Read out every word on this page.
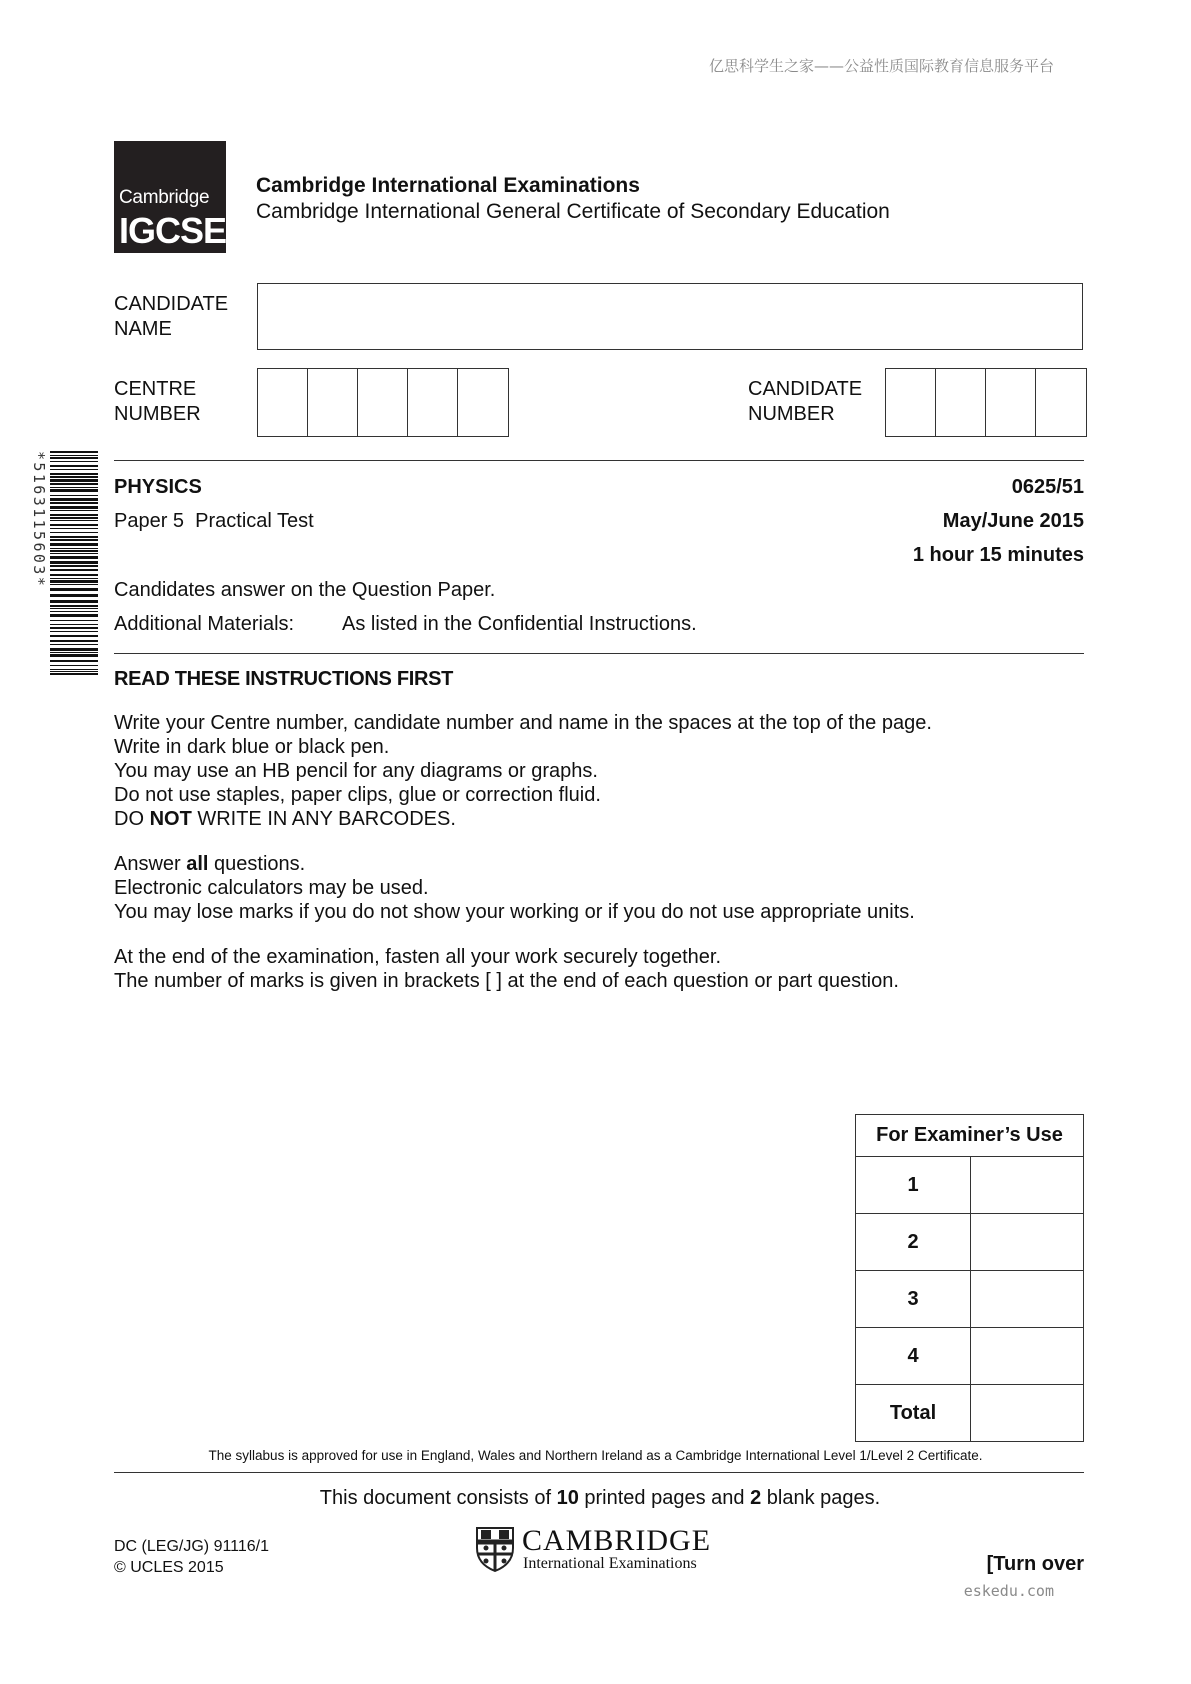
亿思科学生之家——公益性质国际教育信息服务平台
Cambridge
IGCSE
Cambridge International Examinations
Cambridge International General Certificate of Secondary Education
CANDIDATE
NAME
CENTRE
NUMBER
CANDIDATE
NUMBER
*5163115603*	PHYSICS	0625/51
Paper 5  Practical Test	May/June 2015
1 hour 15 minutes
Candidates answer on the Question Paper.
Additional Materials: As listed in the Confidential Instructions.
READ THESE INSTRUCTIONS FIRST
Write your Centre number, candidate number and name in the spaces at the top of the page.
Write in dark blue or black pen.
You may use an HB pencil for any diagrams or graphs.
Do not use staples, paper clips, glue or correction fluid.
DO NOT WRITE IN ANY BARCODES.
Answer all questions.
Electronic calculators may be used.
You may lose marks if you do not show your working or if you do not use appropriate units.
At the end of the examination, fasten all your work securely together.
The number of marks is given in brackets [ ] at the end of each question or part question.
For Examiner’s Use	
1	
2	
3	
4	
Total	
The syllabus is approved for use in England, Wales and Northern Ireland as a Cambridge International Level 1/Level 2 Certificate.
This document consists of 10 printed pages and 2 blank pages.
DC (LEG/JG) 91116/1
© UCLES 2015
CAMBRIDGE
International Examinations	[Turn over
eskedu.com
